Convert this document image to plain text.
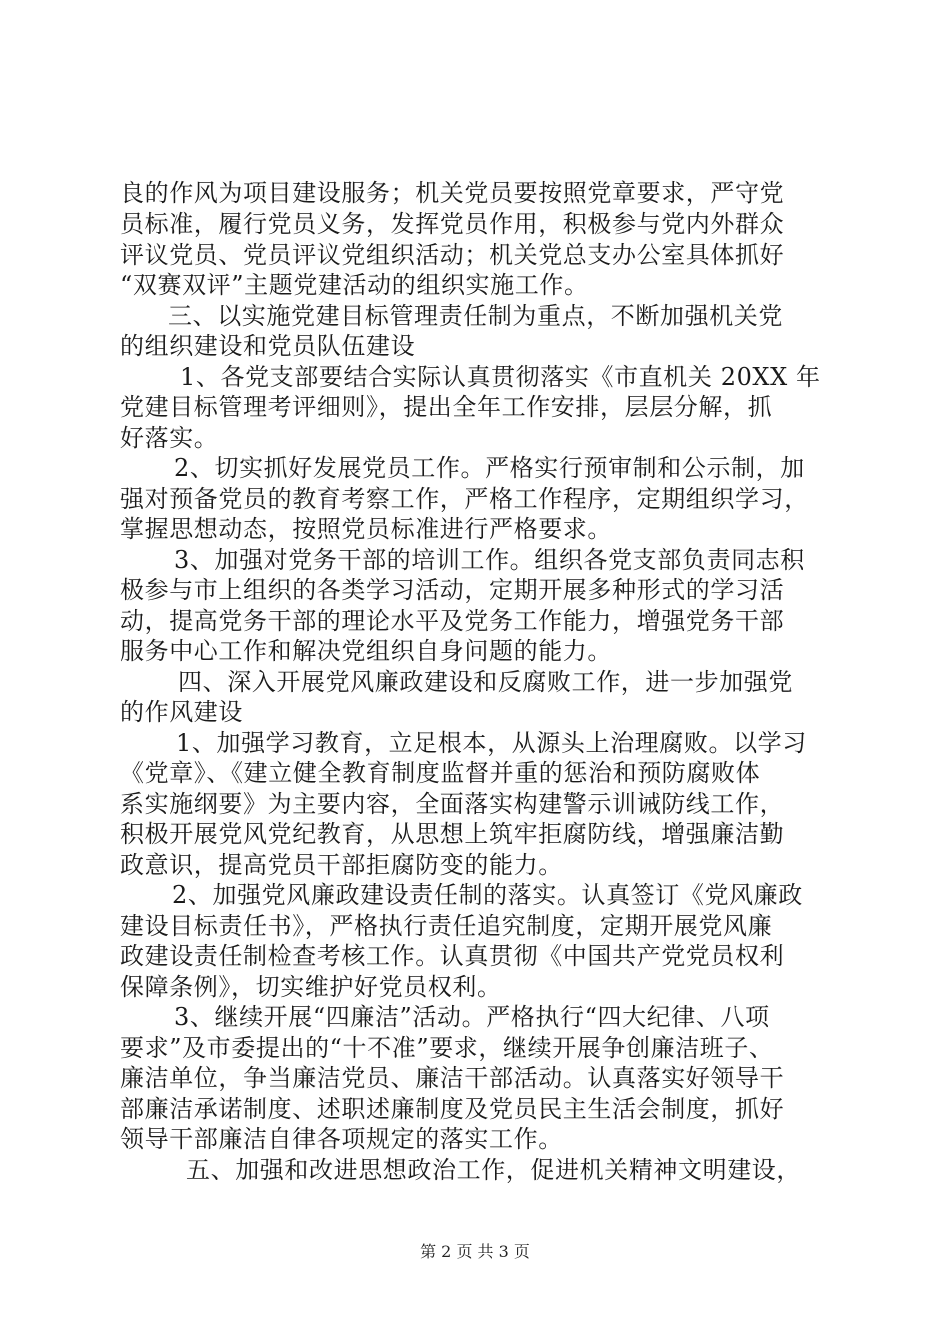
良的作风为项目建设服务；机关党员要按照党章要求，严守党
员标准，履行党员义务，发挥党员作用，积极参与党内外群众
评议党员、党员评议党组织活动；机关党总支办公室具体抓好
“双赛双评”主题党建活动的组织实施工作。
三、以实施党建目标管理责任制为重点，不断加强机关党
的组织建设和党员队伍建设
1、各党支部要结合实际认真贯彻落实《市直机关 20XX 年
党建目标管理考评细则》，提出全年工作安排，层层分解，抓
好落实。
2、切实抓好发展党员工作。严格实行预审制和公示制，加
强对预备党员的教育考察工作，严格工作程序，定期组织学习，
掌握思想动态，按照党员标准进行严格要求。
3、加强对党务干部的培训工作。组织各党支部负责同志积
极参与市上组织的各类学习活动，定期开展多种形式的学习活
动，提高党务干部的理论水平及党务工作能力，增强党务干部
服务中心工作和解决党组织自身问题的能力。
四、深入开展党风廉政建设和反腐败工作，进一步加强党
的作风建设
1、加强学习教育，立足根本，从源头上治理腐败。以学习
《党章》、《建立健全教育制度监督并重的惩治和预防腐败体
系实施纲要》为主要内容，全面落实构建警示训诫防线工作，
积极开展党风党纪教育，从思想上筑牢拒腐防线，增强廉洁勤
政意识，提高党员干部拒腐防变的能力。
2、加强党风廉政建设责任制的落实。认真签订《党风廉政
建设目标责任书》，严格执行责任追究制度，定期开展党风廉
政建设责任制检查考核工作。认真贯彻《中国共产党党员权利
保障条例》，切实维护好党员权利。
3、继续开展“四廉洁”活动。严格执行“四大纪律、八项
要求”及市委提出的“十不准”要求，继续开展争创廉洁班子、
廉洁单位，争当廉洁党员、廉洁干部活动。认真落实好领导干
部廉洁承诺制度、述职述廉制度及党员民主生活会制度，抓好
领导干部廉洁自律各项规定的落实工作。
五、加强和改进思想政治工作，促进机关精神文明建设，
第 2 页 共 3 页
